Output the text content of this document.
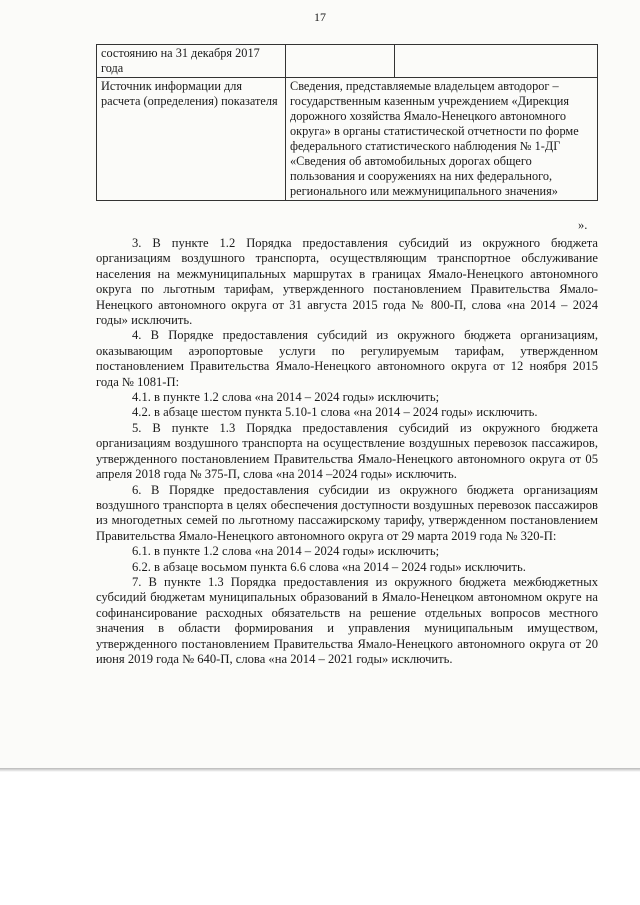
17
состоянию на 31 декабря 2017 года		
Источник информации для расчета (определения) показателя	Сведения, представляемые владельцем автодорог – государственным казенным учреждением «Дирекция дорожного хозяйства Ямало-Ненецкого автономного округа» в органы статистической отчетности по форме федерального статистического наблюдения № 1-ДГ «Сведения об автомобильных дорогах общего пользования и сооружениях на них федерального, регионального или межмуниципального значения»	
».

3. В пункте 1.2 Порядка предоставления субсидий из окружного бюджета организациям воздушного транспорта, осуществляющим транспортное обслуживание населения на межмуниципальных маршрутах в границах Ямало-Ненецкого автономного округа по льготным тарифам, утвержденного постановлением Правительства Ямало-Ненецкого автономного округа от 31 августа 2015 года № 800-П, слова «на 2014 – 2024 годы» исключить.

4. В Порядке предоставления субсидий из окружного бюджета организациям, оказывающим аэропортовые услуги по регулируемым тарифам, утвержденном постановлением Правительства Ямало-Ненецкого автономного округа от 12 ноября 2015 года № 1081-П:

4.1. в пункте 1.2 слова «на 2014 – 2024 годы» исключить;

4.2. в абзаце шестом пункта 5.10-1 слова «на 2014 – 2024 годы» исключить.

5. В пункте 1.3 Порядка предоставления субсидий из окружного бюджета организациям воздушного транспорта на осуществление воздушных перевозок пассажиров, утвержденного постановлением Правительства Ямало-Ненецкого автономного округа от 05 апреля 2018 года № 375-П, слова «на 2014 –2024 годы» исключить.

6. В Порядке предоставления субсидии из окружного бюджета организациям воздушного транспорта в целях обеспечения доступности воздушных перевозок пассажиров из многодетных семей по льготному пассажирскому тарифу, утвержденном постановлением Правительства Ямало-Ненецкого автономного округа от 29 марта 2019 года № 320-П:

6.1. в пункте 1.2 слова «на 2014 – 2024 годы» исключить;

6.2. в абзаце восьмом пункта 6.6 слова «на 2014 – 2024 годы» исключить.

7. В пункте 1.3 Порядка предоставления из окружного бюджета межбюджетных субсидий бюджетам муниципальных образований в Ямало-Ненецком автономном округе на софинансирование расходных обязательств на решение отдельных вопросов местного значения в области формирования и управления муниципальным имуществом, утвержденного постановлением Правительства Ямало-Ненецкого автономного округа от 20 июня 2019 года № 640-П, слова «на 2014 – 2021 годы» исключить.
